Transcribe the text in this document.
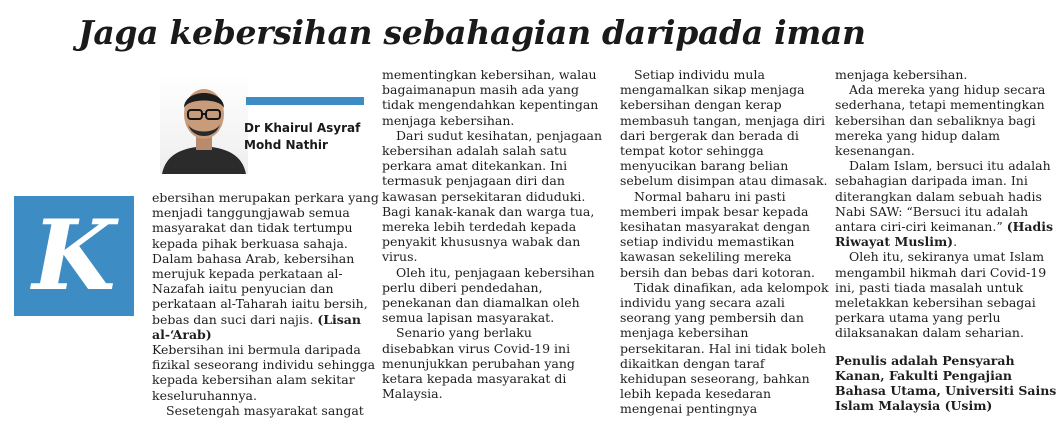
Jaga kebersihan sebahagian daripada iman
Dr Khairul Asyraf
Mohd Nathir
K

ebersihan merupakan perkara yang menjadi tanggungjawab semua masyarakat dan tidak tertumpu kepada pihak berkuasa sahaja. Dalam bahasa Arab, kebersihan merujuk kepada perkataan al-Nazafah iaitu penyucian dan perkataan al-Taharah iaitu bersih, bebas dan suci dari najis. (Lisan al-‘Arab)

Kebersihan ini bermula daripada fizikal seseorang individu sehingga kepada kebersihan alam sekitar keseluruhannya.

Sesetengah masyarakat sangat

mementingkan kebersihan, walau bagaimanapun masih ada yang tidak mengendahkan kepentingan menjaga kebersihan.

Dari sudut kesihatan, penjagaan kebersihan adalah salah satu perkara amat ditekankan. Ini termasuk penjagaan diri dan kawasan persekitaran diduduki. Bagi kanak-kanak dan warga tua, mereka lebih terdedah kepada penyakit khususnya wabak dan virus.

Oleh itu, penjagaan kebersihan perlu diberi pendedahan, penekanan dan diamalkan oleh semua lapisan masyarakat.

Senario yang berlaku disebabkan virus Covid-19 ini menunjukkan perubahan yang ketara kepada masyarakat di Malaysia.

Setiap individu mula mengamalkan sikap menjaga kebersihan dengan kerap membasuh tangan, menjaga diri dari bergerak dan berada di tempat kotor sehingga menyucikan barang belian sebelum disimpan atau dimasak.

Normal baharu ini pasti memberi impak besar kepada kesihatan masyarakat dengan setiap individu memastikan kawasan sekeliling mereka bersih dan bebas dari kotoran.

Tidak dinafikan, ada kelompok individu yang secara azali seorang yang pembersih dan menjaga kebersihan persekitaran. Hal ini tidak boleh dikaitkan dengan taraf kehidupan seseorang, bahkan lebih kepada kesedaran mengenai pentingnya

menjaga kebersihan.

Ada mereka yang hidup secara sederhana, tetapi mementingkan kebersihan dan sebaliknya bagi mereka yang hidup dalam kesenangan.

Dalam Islam, bersuci itu adalah sebahagian daripada iman. Ini diterangkan dalam sebuah hadis Nabi SAW: “Bersuci itu adalah antara ciri-ciri keimanan.” (Hadis Riwayat Muslim).

Oleh itu, sekiranya umat Islam mengambil hikmah dari Covid-19 ini, pasti tiada masalah untuk meletakkan kebersihan sebagai perkara utama yang perlu dilaksanakan dalam seharian.

Penulis adalah Pensyarah Kanan, Fakulti Pengajian Bahasa Utama, Universiti Sains Islam Malaysia (Usim)
